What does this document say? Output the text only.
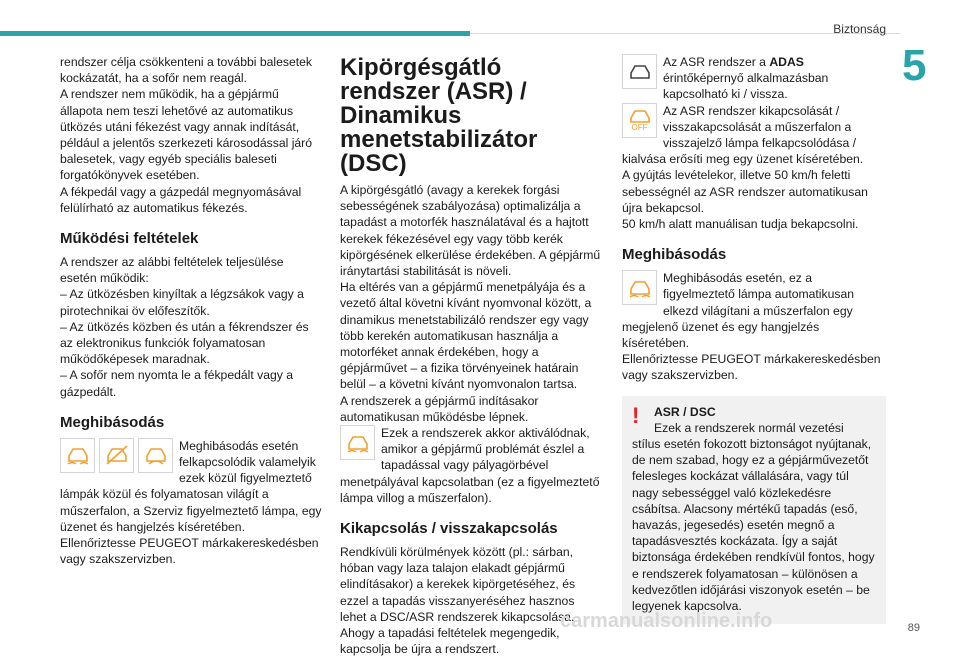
Biztonság
5

rendszer célja csökkenteni a további balesetek kockázatát, ha a sofőr nem reagál.

A rendszer nem működik, ha a gépjármű állapota nem teszi lehetővé az automatikus ütközés utáni fékezést vagy annak indítását, például a jelentős szerkezeti károsodással járó balesetek, vagy egyéb speciális baleseti forgatókönyvek esetében.

A fékpedál vagy a gázpedál megnyomásával felülírható az automatikus fékezés.

Működési feltételek

A rendszer az alábbi feltételek teljesülése esetén működik:

– Az ütközésben kinyíltak a légzsákok vagy a pirotechnikai öv előfeszítők.

– Az ütközés közben és után a fékrendszer és az elektronikus funkciók folyamatosan működőképesek maradnak.

– A sofőr nem nyomta le a fékpedált vagy a gázpedált.

Meghibásodás

Meghibásodás esetén felkapcsolódik valamelyik ezek közül figyelmeztető lámpák közül és folyamatosan világít a műszerfalon, a Szerviz figyelmeztető lámpa, egy üzenet és hangjelzés kíséretében.

Ellenőriztesse PEUGEOT márkakereskedésben vagy szakszervizben.

Kipörgésgátló rendszer (ASR) / Dinamikus menetstabilizátor (DSC)

A kipörgésgátló (avagy a kerekek forgási sebességének szabályozása) optimalizálja a tapadást a motorfék használatával és a hajtott kerekek fékezésével egy vagy több kerék kipörgésének elkerülése érdekében. A gépjármű iránytartási stabilitását is növeli.

Ha eltérés van a gépjármű menetpályája és a vezető által követni kívánt nyomvonal között, a dinamikus menetstabilizáló rendszer egy vagy több kerekén automatikusan használja a motorféket annak érdekében, hogy a gépjárművet – a fizika törvényeinek határain belül – a követni kívánt nyomvonalon tartsa.

A rendszerek a gépjármű indításakor automatikusan működésbe lépnek.

Ezek a rendszerek akkor aktiválódnak, amikor a gépjármű problémát észlel a tapadással vagy pályagörbével menetpályával kapcsolatban (ez a figyelmeztető lámpa villog a műszerfalon).

Kikapcsolás / visszakapcsolás

Rendkívüli körülmények között (pl.: sárban, hóban vagy laza talajon elakadt gépjármű elindításakor) a kerekek kipörgetéséhez, és ezzel a tapadás visszanyeréséhez hasznos lehet a DSC/ASR rendszerek kikapcsolása.

Ahogy a tapadási feltételek megengedik, kapcsolja be újra a rendszert.

Az ASR rendszer a ADAS érintőképernyő alkalmazásban kapcsolható ki / vissza.

OFF

Az ASR rendszer kikapcsolását / visszakapcsolását a műszerfalon a visszajelző lámpa felkapcsolódása / kialvása erősíti meg egy üzenet kíséretében.

A gyújtás levételekor, illetve 50 km/h feletti sebességnél az ASR rendszer automatikusan újra bekapcsol.

50 km/h alatt manuálisan tudja bekapcsolni.

Meghibásodás

Meghibásodás esetén, ez a figyelmeztető lámpa automatikusan elkezd világítani a műszerfalon egy megjelenő üzenet és egy hangjelzés kíséretében.

Ellenőriztesse PEUGEOT márkakereskedésben vagy szakszervizben.

!	ASR / DSC

Ezek a rendszerek normál vezetési

stílus esetén fokozott biztonságot nyújtanak, de nem szabad, hogy ez a gépjárművezetőt felesleges kockázat vállalására, vagy túl nagy sebességgel való közlekedésre csábítsa. Alacsony mértékű tapadás (eső, havazás, jegesedés) esetén megnő a tapadásvesztés kockázata. Így a saját biztonsága érdekében rendkívül fontos, hogy e rendszerek folyamatosan – különösen a kedvezőtlen időjárási viszonyok esetén – be legyenek kapcsolva.

carmanualsonline.info	89
